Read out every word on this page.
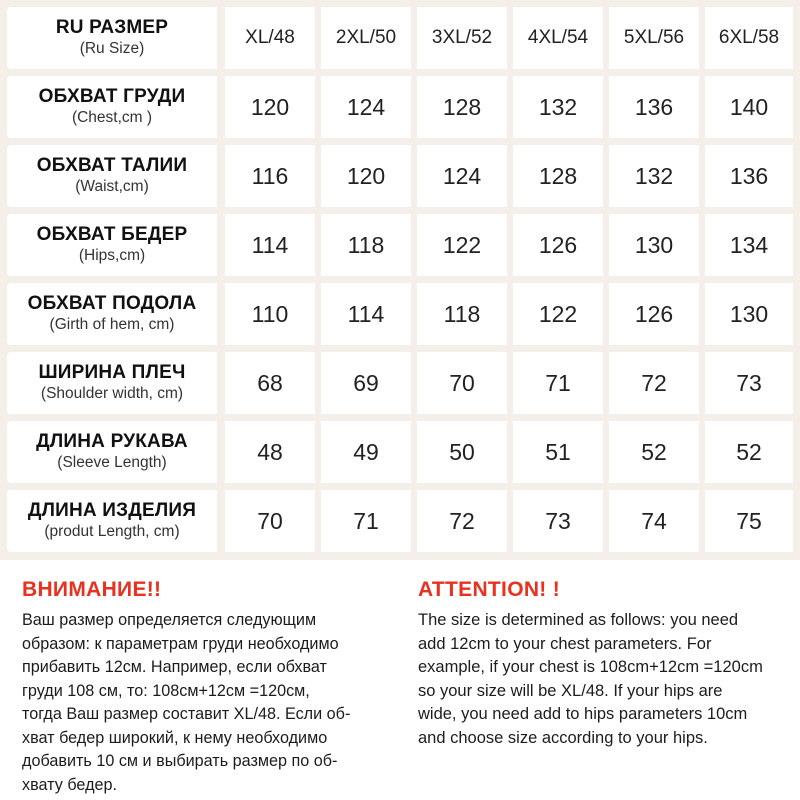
RU РАЗМЕР
(Ru Size)
XL/48 2XL/50 3XL/52 4XL/54 5XL/56 6XL/58
ОБХВАТ ГРУДИ
(Chest,cm )	120	124	128	132	136 140
ОБХВАТ ТАЛИИ
(Waist,cm)	116	120	124	128	132 136
ОБХВАТ БЕДЕР
(Hips,cm)	114	118	122	126	130 134
ОБХВАТ ПОДОЛА
(Girth of hem, cm)	110	114	118	122	126 130
ШИРИНА ПЛЕЧ
(Shoulder width, cm)	68	69	70	71	72	73
ДЛИНА РУКАВА
(Sleeve Length)	48	49	50	51	52	52
ДЛИНА ИЗДЕЛИЯ
(produt Length, cm)	70	71	72	73	74	75
ВНИМАНИЕ!!
Ваш размер определяется следующим
образом: к параметрам груди необходимо
прибавить 12см. Например, если обхват
груди 108 см, то: 108см+12см =120см,
тогда Ваш размер составит XL/48. Если об-
хват бедер широкий, к нему необходимо
добавить 10 см и выбирать размер по об-
хвату бедер.
ATTENTION! !
The size is determined as follows: you need
add 12cm to your chest parameters. For
example, if your chest is 108cm+12cm =120cm
so your size will be XL/48. If your hips are
wide, you need add to hips parameters 10cm
and choose size according to your hips.
